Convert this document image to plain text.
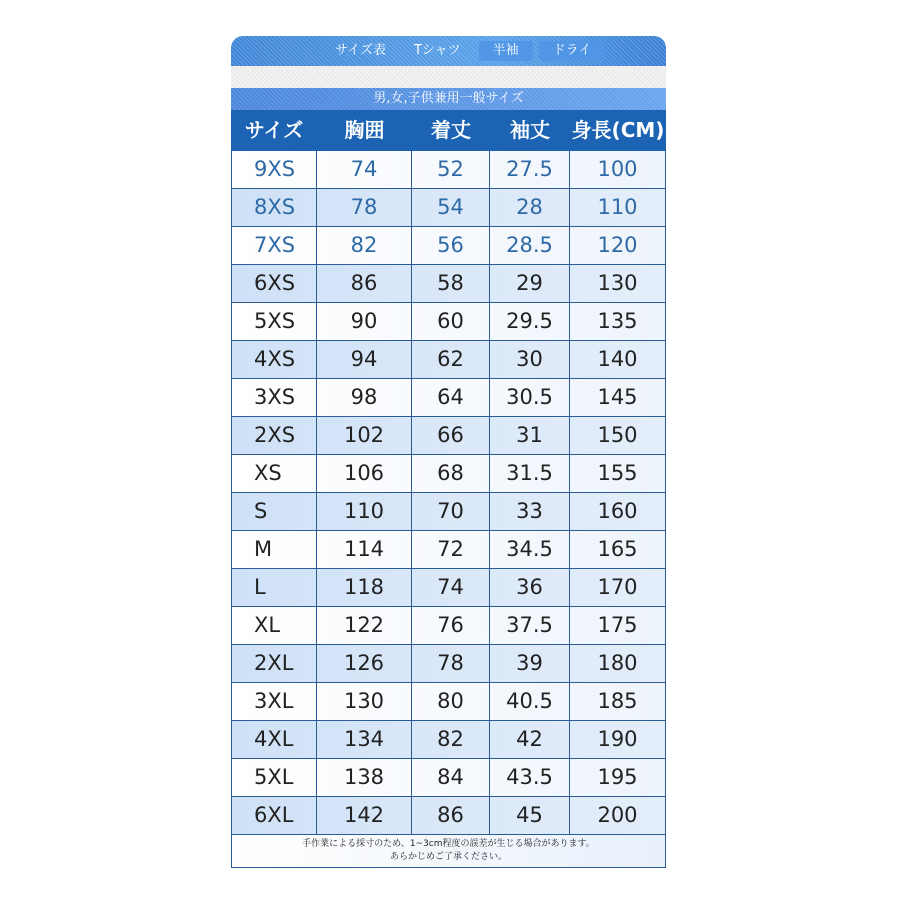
サイズ表	Tシャツ	半袖	ドライ
男,女,子供兼用一般サイズ
サイズ	胸囲	着丈	袖丈	身長(CM)
9XS	74	52	27.5	100
8XS	78	54	28	110
7XS	82	56	28.5	120
6XS	86	58	29	130
5XS	90	60	29.5	135
4XS	94	62	30	140
3XS	98	64	30.5	145
2XS	102	66	31	150
XS	106	68	31.5	155
S	110	70	33	160
M	114	72	34.5	165
L	118	74	36	170
XL	122	76	37.5	175
2XL	126	78	39	180
3XL	130	80	40.5	185
4XL	134	82	42	190
5XL	138	84	43.5	195
6XL	142	86	45	200
手作業による採寸のため、1~3cm程度の誤差が生じる場合があります。
あらかじめご了承ください。
